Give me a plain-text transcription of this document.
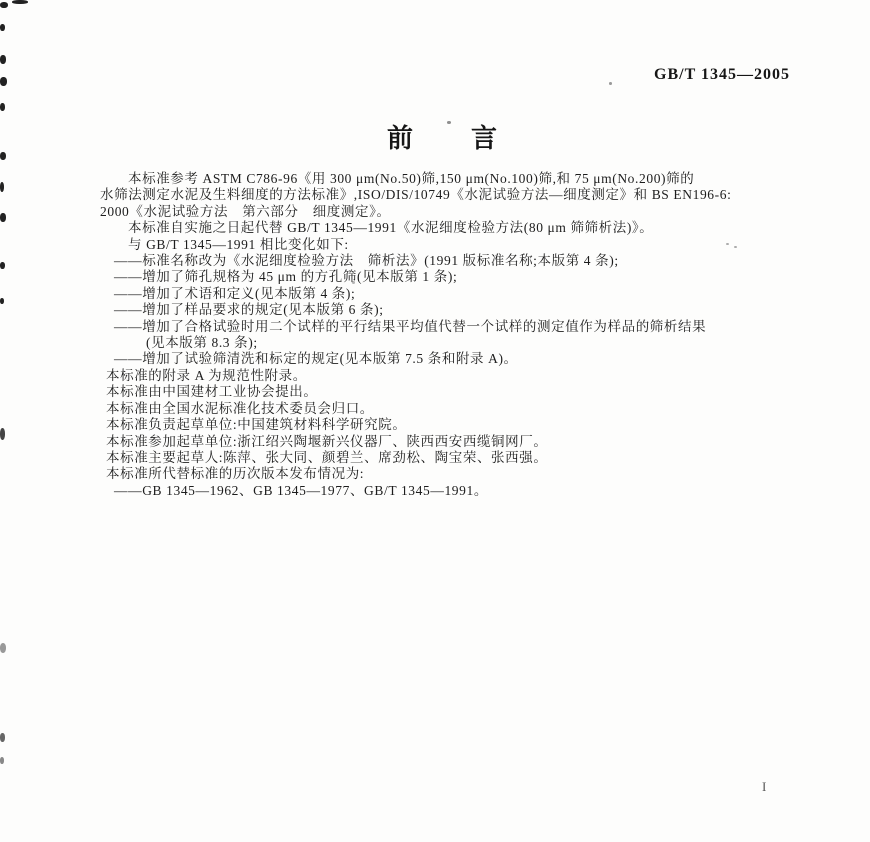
GB/T 1345—2005
前　　言
本标准参考 ASTM C786-96《用 300 μm(No.50)筛,150 μm(No.100)筛,和 75 μm(No.200)筛的
水筛法测定水泥及生料细度的方法标准》,ISO/DIS/10749《水泥试验方法—细度测定》和 BS EN196-6:
2000《水泥试验方法　第六部分　细度测定》。
本标准自实施之日起代替 GB/T 1345—1991《水泥细度检验方法(80 μm 筛筛析法)》。
与 GB/T 1345—1991 相比变化如下:
——标准名称改为《水泥细度检验方法　筛析法》(1991 版标准名称;本版第 4 条);
——增加了筛孔规格为 45 μm 的方孔筛(见本版第 1 条);
——增加了术语和定义(见本版第 4 条);
——增加了样品要求的规定(见本版第 6 条);
——增加了合格试验时用二个试样的平行结果平均值代替一个试样的测定值作为样品的筛析结果
(见本版第 8.3 条);
——增加了试验筛清洗和标定的规定(见本版第 7.5 条和附录 A)。
本标准的附录 A 为规范性附录。
本标准由中国建材工业协会提出。
本标准由全国水泥标准化技术委员会归口。
本标准负责起草单位:中国建筑材料科学研究院。
本标准参加起草单位:浙江绍兴陶堰新兴仪器厂、陕西西安西缆铜网厂。
本标准主要起草人:陈萍、张大同、颜碧兰、席劲松、陶宝荣、张西强。
本标准所代替标准的历次版本发布情况为:
——GB 1345—1962、GB 1345—1977、GB/T 1345—1991。
I
